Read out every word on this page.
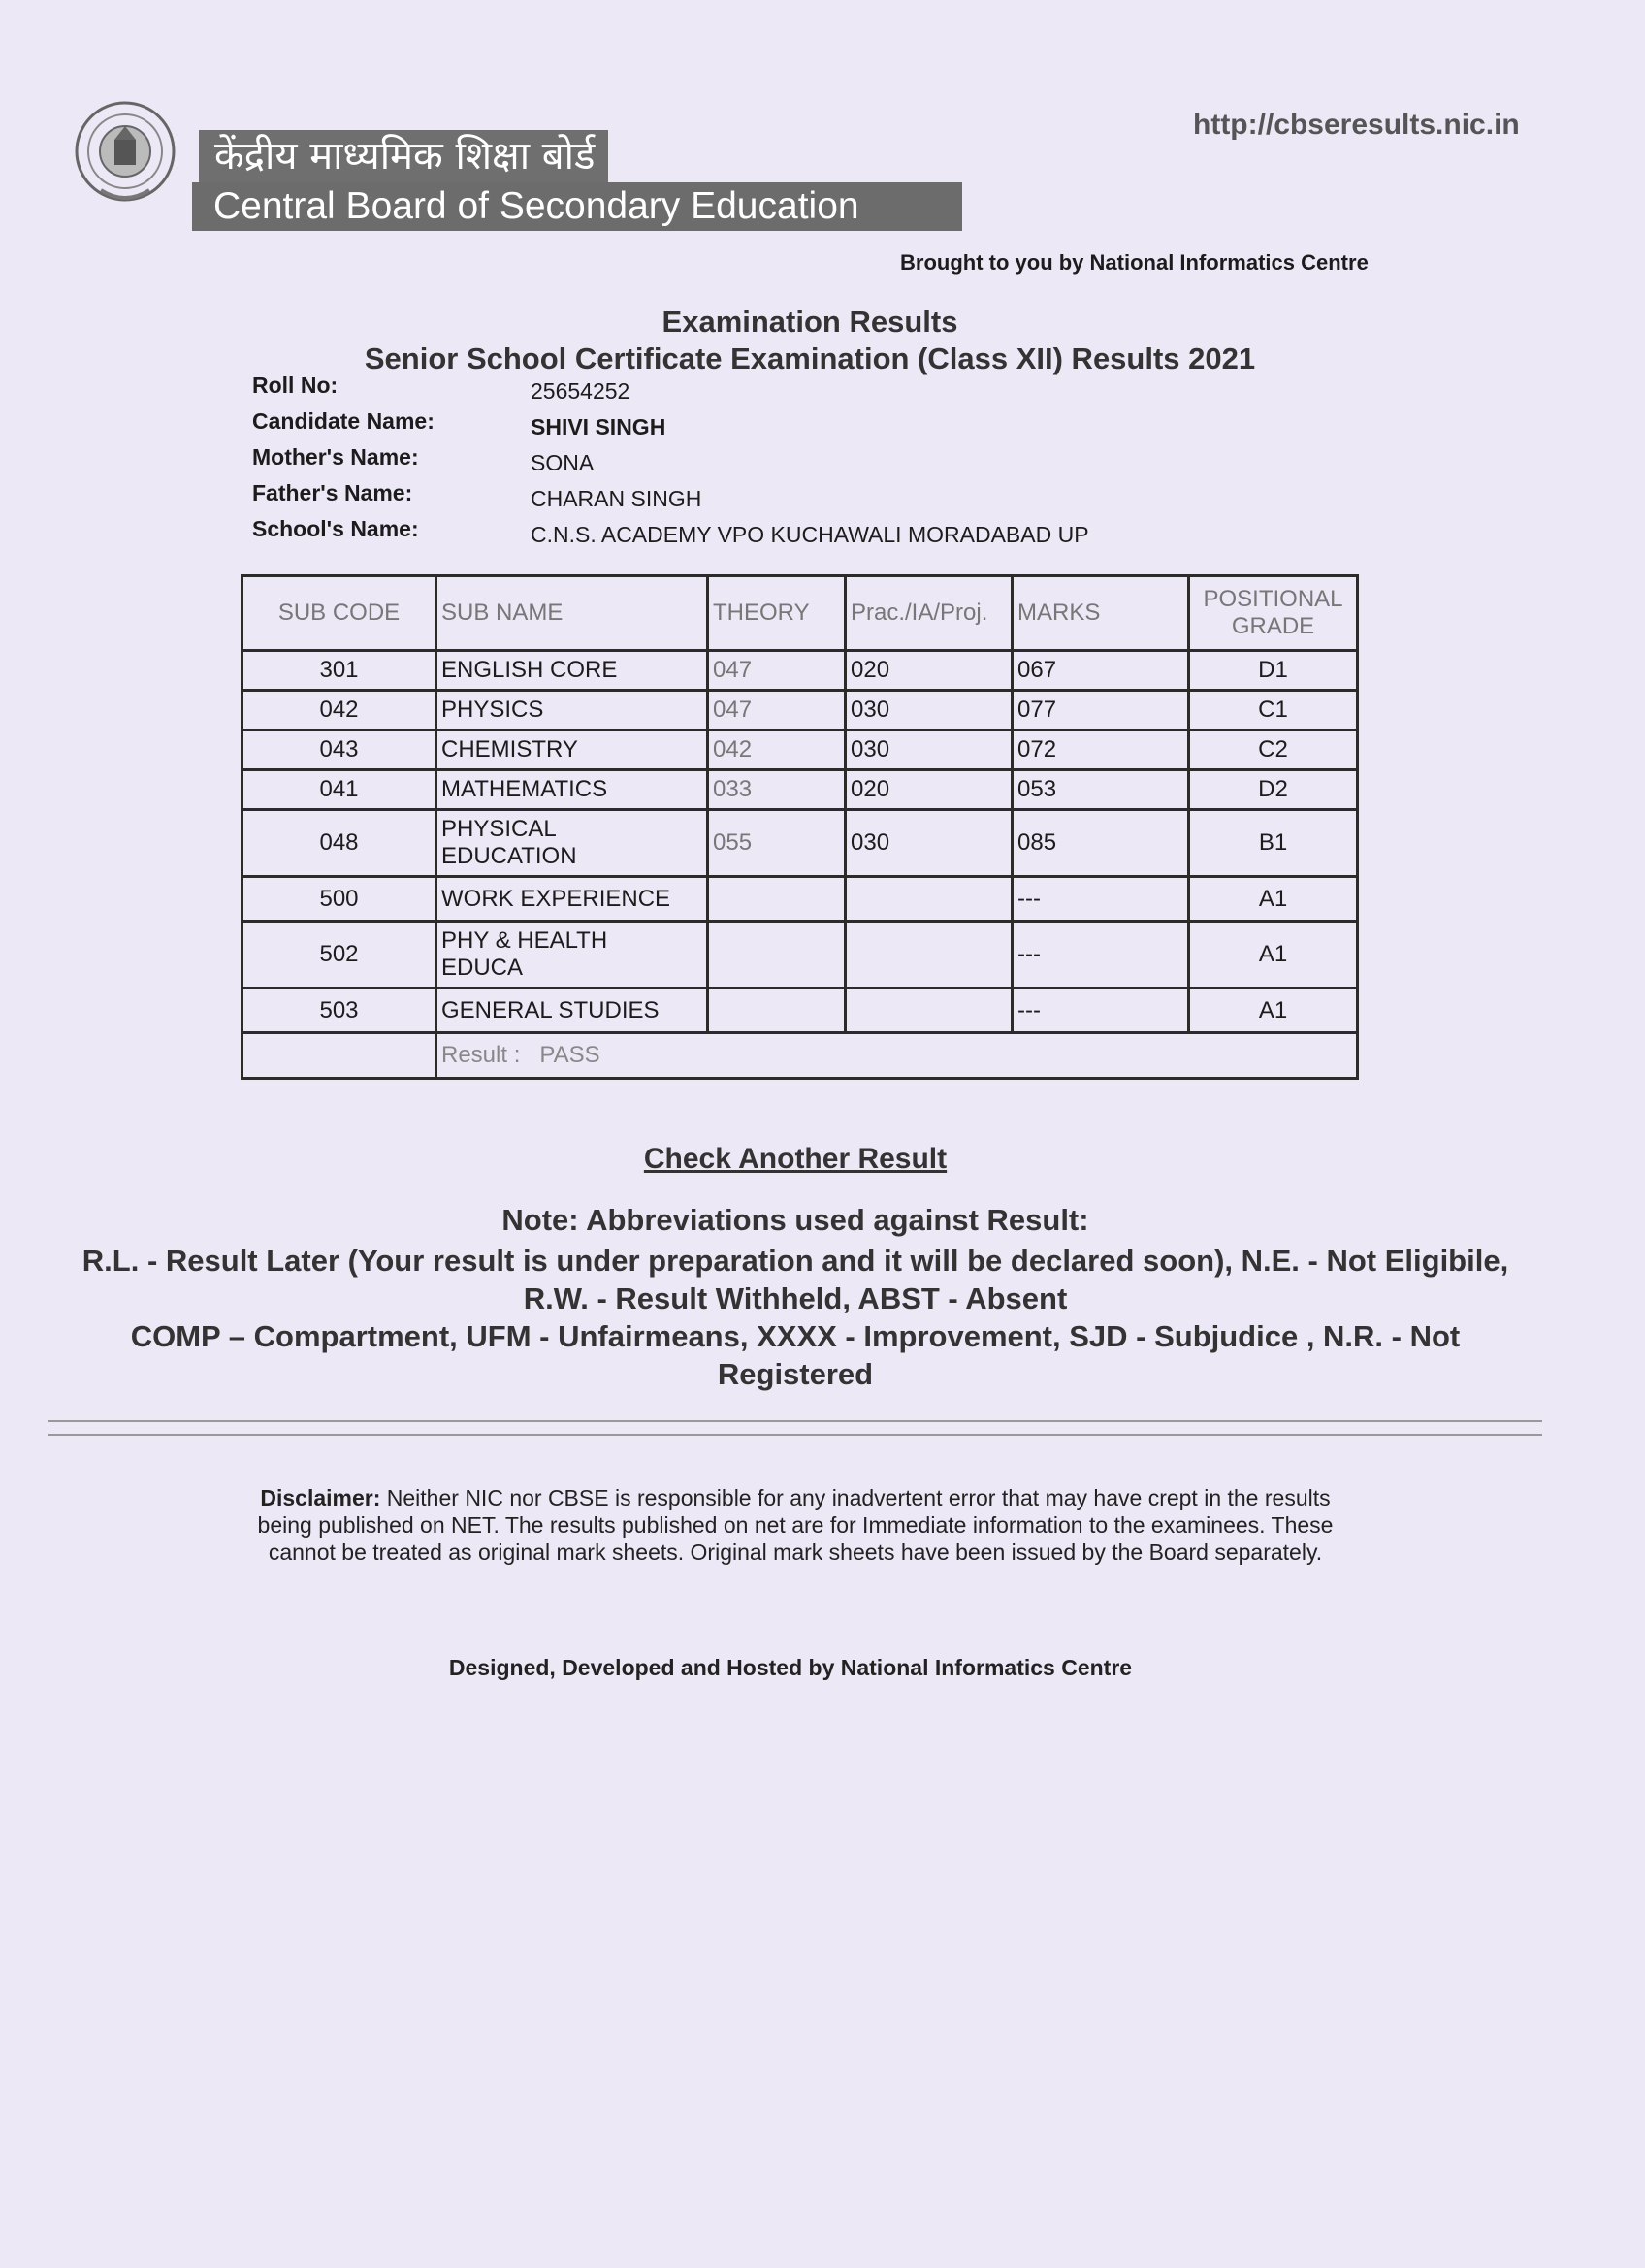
केंद्रीय माध्यमिक शिक्षा बोर्ड
Central Board of Secondary Education
http://cbseresults.nic.in
Brought to you by National Informatics Centre
Examination Results
Senior School Certificate Examination (Class XII) Results 2021
Roll No:	25654252
Candidate Name:	SHIVI SINGH
Mother's Name:	SONA
Father's Name:	CHARAN SINGH
School's Name:	C.N.S. ACADEMY VPO KUCHAWALI MORADABAD UP
SUB CODE	SUB NAME	THEORY	Prac./IA/Proj.	MARKS	POSITIONAL
GRADE
301	ENGLISH CORE	047	020	067	D1
042	PHYSICS	047	030	077	C1
043	CHEMISTRY	042	030	072	C2
041	MATHEMATICS	033	020	053	D2
048	PHYSICAL
EDUCATION	055	030	085	B1
500	WORK EXPERIENCE			---	A1
502	PHY & HEALTH
EDUCA			---	A1
503	GENERAL STUDIES			---	A1
	Result : PASS				
Check Another Result
Note: Abbreviations used against Result:
R.L. - Result Later (Your result is under preparation and it will be declared soon), N.E. - Not Eligibile,
R.W. - Result Withheld, ABST - Absent
COMP – Compartment, UFM - Unfairmeans, XXXX - Improvement, SJD - Subjudice , N.R. - Not
Registered
Disclaimer: Neither NIC nor CBSE is responsible for any inadvertent error that may have crept in the results being published on NET. The results published on net are for Immediate information to the examinees. These cannot be treated as original mark sheets. Original mark sheets have been issued by the Board separately.
Designed, Developed and Hosted by National Informatics Centre
